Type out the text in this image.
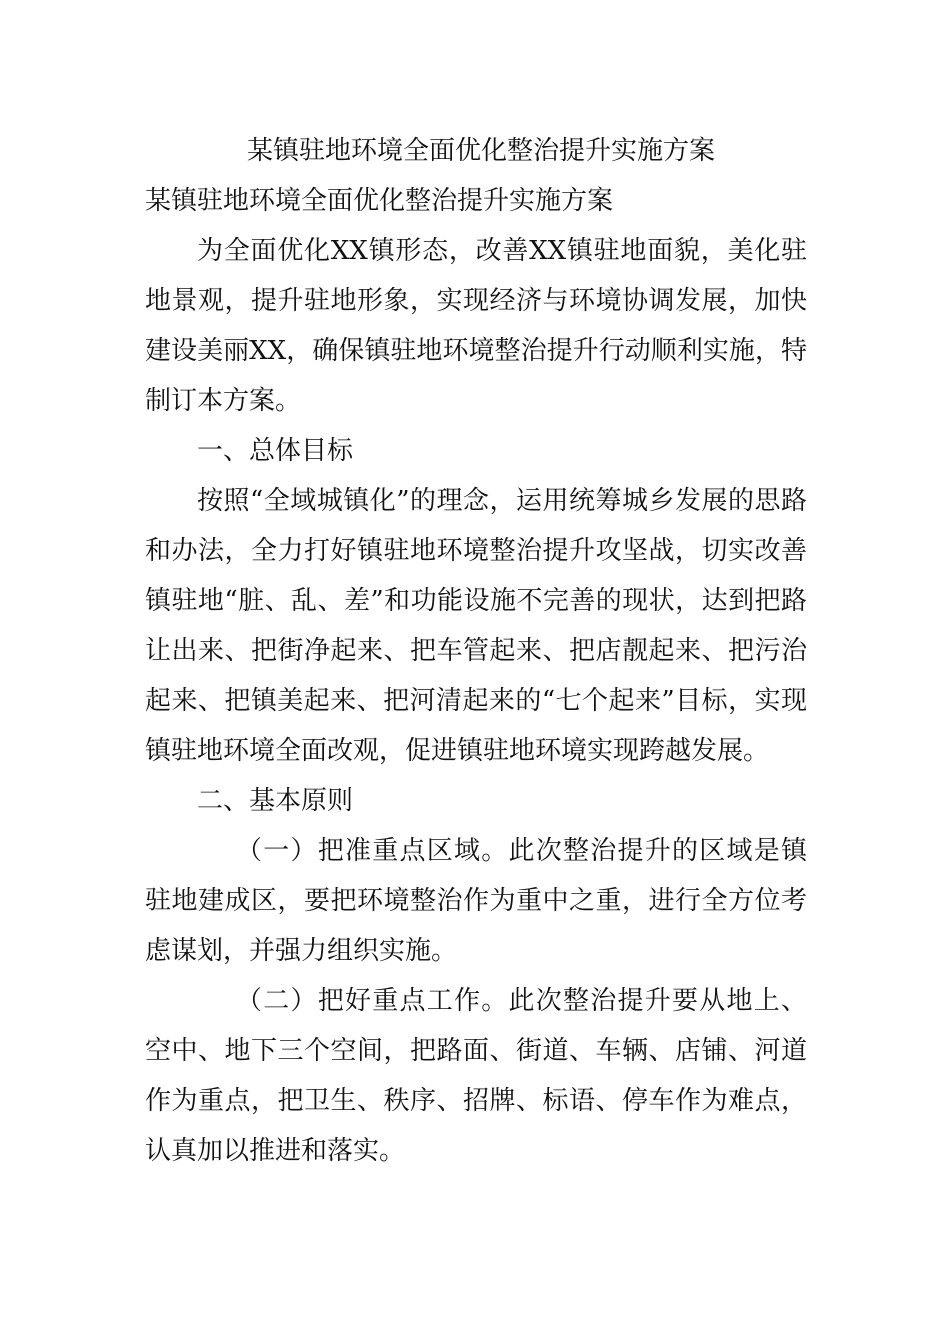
某镇驻地环境全面优化整治提升实施方案
某镇驻地环境全面优化整治提升实施方案

为全面优化XX镇形态，改善XX镇驻地面貌，美化驻地景观，提升驻地形象，实现经济与环境协调发展，加快建设美丽XX，确保镇驻地环境整治提升行动顺利实施，特制订本方案。

一、总体目标

按照“全域城镇化”的理念，运用统筹城乡发展的思路和办法，全力打好镇驻地环境整治提升攻坚战，切实改善镇驻地“脏、乱、差”和功能设施不完善的现状，达到把路让出来、把街净起来、把车管起来、把店靓起来、把污治起来、把镇美起来、把河清起来的“七个起来”目标，实现镇驻地环境全面改观，促进镇驻地环境实现跨越发展。

二、基本原则

（一）把准重点区域。此次整治提升的区域是镇驻地建成区，要把环境整治作为重中之重，进行全方位考虑谋划，并强力组织实施。

（二）把好重点工作。此次整治提升要从地上、空中、地下三个空间，把路面、街道、车辆、店铺、河道作为重点，把卫生、秩序、招牌、标语、停车作为难点，认真加以推进和落实。
